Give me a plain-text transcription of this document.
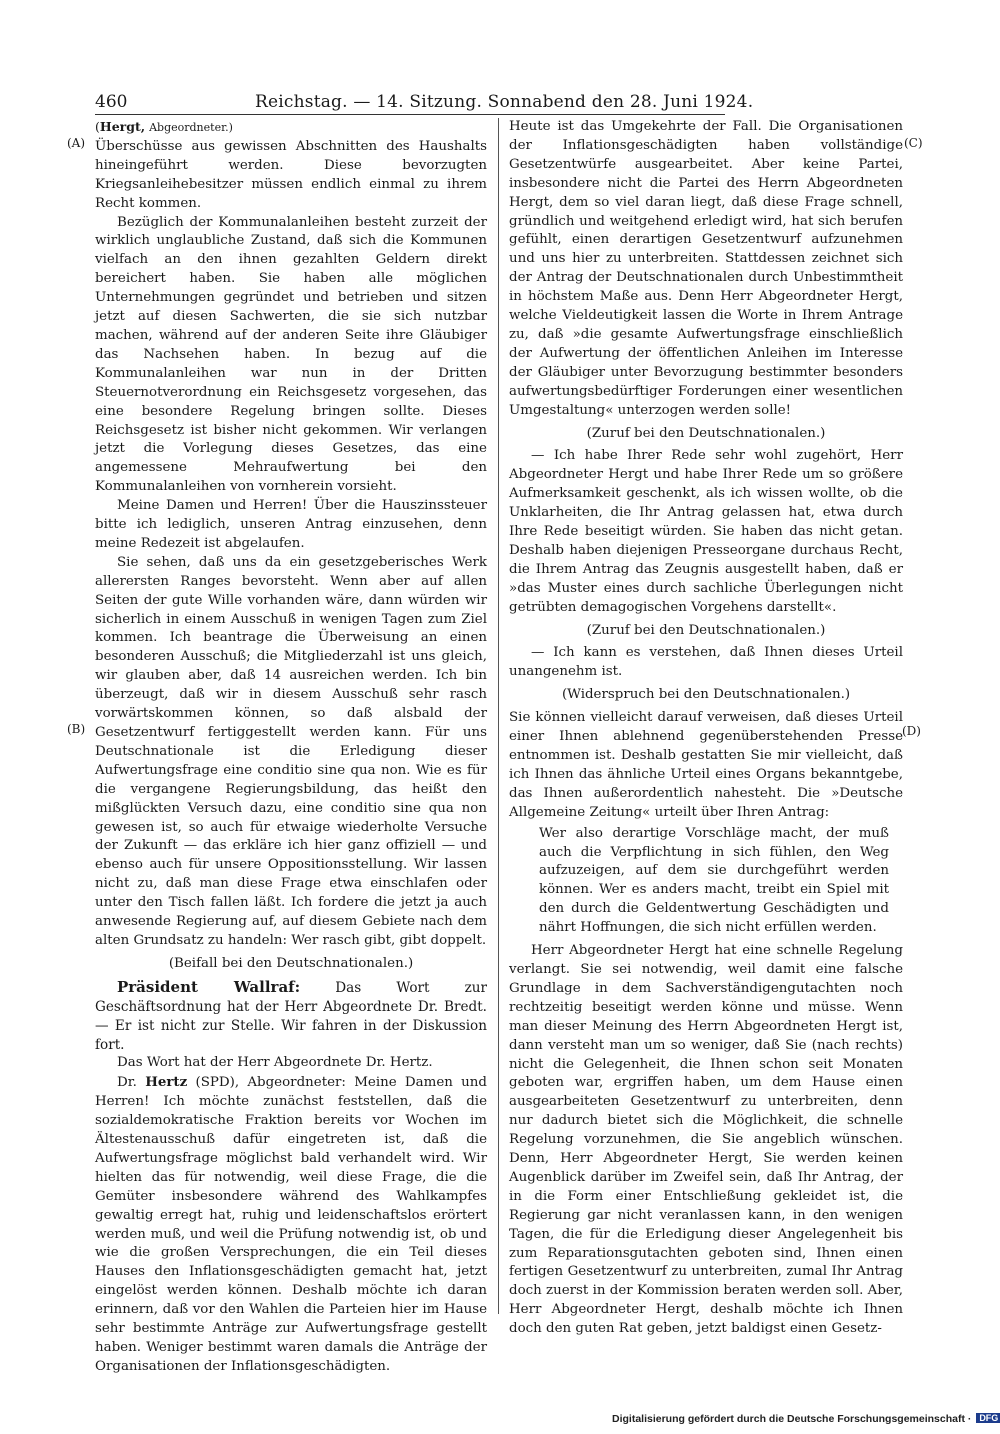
460	Reichstag. — 14. Sitzung. Sonnabend den 28. Juni 1924.
(A)
(B)
(C)
(D)

(Hergt, Abgeordneter.)

Überschüsse aus gewissen Abschnitten des Haushalts hineingeführt werden. Diese bevorzugten Kriegsanleihebesitzer müssen endlich einmal zu ihrem Recht kommen.

Bezüglich der Kommunalanleihen besteht zurzeit der wirklich unglaubliche Zustand, daß sich die Kommunen vielfach an den ihnen gezahlten Geldern direkt bereichert haben. Sie haben alle möglichen Unternehmungen gegründet und betrieben und sitzen jetzt auf diesen Sachwerten, die sie sich nutzbar machen, während auf der anderen Seite ihre Gläubiger das Nachsehen haben. In bezug auf die Kommunalanleihen war nun in der Dritten Steuernotverordnung ein Reichsgesetz vorgesehen, das eine besondere Regelung bringen sollte. Dieses Reichsgesetz ist bisher nicht gekommen. Wir verlangen jetzt die Vorlegung dieses Gesetzes, das eine angemessene Mehraufwertung bei den Kommunalanleihen von vornherein vorsieht.

Meine Damen und Herren! Über die Hauszinssteuer bitte ich lediglich, unseren Antrag einzusehen, denn meine Redezeit ist abgelaufen.

Sie sehen, daß uns da ein gesetzgeberisches Werk allerersten Ranges bevorsteht. Wenn aber auf allen Seiten der gute Wille vorhanden wäre, dann würden wir sicherlich in einem Ausschuß in wenigen Tagen zum Ziel kommen. Ich beantrage die Überweisung an einen besonderen Ausschuß; die Mitgliederzahl ist uns gleich, wir glauben aber, daß 14 ausreichen werden. Ich bin überzeugt, daß wir in diesem Ausschuß sehr rasch vorwärtskommen können, so daß alsbald der Gesetzentwurf fertiggestellt werden kann. Für uns Deutschnationale ist die Erledigung dieser Aufwertungsfrage eine conditio sine qua non. Wie es für die vergangene Regierungsbildung, das heißt den mißglückten Versuch dazu, eine conditio sine qua non gewesen ist, so auch für etwaige wiederholte Versuche der Zukunft — das erkläre ich hier ganz offiziell — und ebenso auch für unsere Oppositionsstellung. Wir lassen nicht zu, daß man diese Frage etwa einschlafen oder unter den Tisch fallen läßt. Ich fordere die jetzt ja auch anwesende Regierung auf, auf diesem Gebiete nach dem alten Grundsatz zu handeln: Wer rasch gibt, gibt doppelt.

(Beifall bei den Deutschnationalen.)

Präsident Wallraf:	Das Wort zur Geschäftsordnung hat der Herr Abgeordnete Dr. Bredt. — Er ist nicht zur Stelle. Wir fahren in der Diskussion fort.

Das Wort hat der Herr Abgeordnete Dr. Hertz.

Dr. Hertz (SPD), Abgeordneter: Meine Damen und Herren! Ich möchte zunächst feststellen, daß die sozialdemokratische Fraktion bereits vor Wochen im Ältestenausschuß dafür eingetreten ist, daß die Aufwertungsfrage möglichst bald verhandelt wird. Wir hielten das für notwendig, weil diese Frage, die die Gemüter insbesondere während des Wahlkampfes gewaltig erregt hat, ruhig und leidenschaftslos erörtert werden muß, und weil die Prüfung notwendig ist, ob und wie die großen Versprechungen, die ein Teil dieses Hauses den Inflationsgeschädigten gemacht hat, jetzt eingelöst werden können. Deshalb möchte ich daran erinnern, daß vor den Wahlen die Parteien hier im Hause sehr bestimmte Anträge zur Aufwertungsfrage gestellt haben. Weniger bestimmt waren damals die Anträge der Organisationen der Inflationsgeschädigten.

Heute ist das Umgekehrte der Fall. Die Organisationen der Inflationsgeschädigten haben vollständige Gesetzentwürfe ausgearbeitet. Aber keine Partei, insbesondere nicht die Partei des Herrn Abgeordneten Hergt, dem so viel daran liegt, daß diese Frage schnell, gründlich und weitgehend erledigt wird, hat sich berufen gefühlt, einen derartigen Gesetzentwurf aufzunehmen und uns hier zu unterbreiten. Stattdessen zeichnet sich der Antrag der Deutschnationalen durch Unbestimmtheit in höchstem Maße aus. Denn Herr Abgeordneter Hergt, welche Vieldeutigkeit lassen die Worte in Ihrem Antrage zu, daß »die gesamte Aufwertungsfrage einschließlich der Aufwertung der öffentlichen Anleihen im Interesse der Gläubiger unter Bevorzugung bestimmter besonders aufwertungsbedürftiger Forderungen einer wesentlichen Umgestaltung« unterzogen werden solle!

(Zuruf bei den Deutschnationalen.)

— Ich habe Ihrer Rede sehr wohl zugehört, Herr Abgeordneter Hergt und habe Ihrer Rede um so größere Aufmerksamkeit geschenkt, als ich wissen wollte, ob die Unklarheiten, die Ihr Antrag gelassen hat, etwa durch Ihre Rede beseitigt würden. Sie haben das nicht getan. Deshalb haben diejenigen Presseorgane durchaus Recht, die Ihrem Antrag das Zeugnis ausgestellt haben, daß er »das Muster eines durch sachliche Überlegungen nicht getrübten demagogischen Vorgehens darstellt«.

(Zuruf bei den Deutschnationalen.)

— Ich kann es verstehen, daß Ihnen dieses Urteil unangenehm ist.

(Widerspruch bei den Deutschnationalen.)

Sie können vielleicht darauf verweisen, daß dieses Urteil einer Ihnen ablehnend gegenüberstehenden Presse entnommen ist. Deshalb gestatten Sie mir vielleicht, daß ich Ihnen das ähnliche Urteil eines Organs bekanntgebe, das Ihnen außerordentlich nahesteht. Die »Deutsche Allgemeine Zeitung« urteilt über Ihren Antrag:

Wer also derartige Vorschläge macht, der muß auch die Verpflichtung in sich fühlen, den Weg aufzuzeigen, auf dem sie durchgeführt werden können. Wer es anders macht, treibt ein Spiel mit den durch die Geldentwertung Geschädigten und nährt Hoffnungen, die sich nicht erfüllen werden.

Herr Abgeordneter Hergt hat eine schnelle Regelung verlangt. Sie sei notwendig, weil damit eine falsche Grundlage in dem Sachverständigengutachten noch rechtzeitig beseitigt werden könne und müsse. Wenn man dieser Meinung des Herrn Abgeordneten Hergt ist, dann versteht man um so weniger, daß Sie (nach rechts) nicht die Gelegenheit, die Ihnen schon seit Monaten geboten war, ergriffen haben, um dem Hause einen ausgearbeiteten Gesetzentwurf zu unterbreiten, denn nur dadurch bietet sich die Möglichkeit, die schnelle Regelung vorzunehmen, die Sie angeblich wünschen. Denn, Herr Abgeordneter Hergt, Sie werden keinen Augenblick darüber im Zweifel sein, daß Ihr Antrag, der in die Form einer Entschließung gekleidet ist, die Regierung gar nicht veranlassen kann, in den wenigen Tagen, die für die Erledigung dieser Angelegenheit bis zum Reparationsgutachten geboten sind, Ihnen einen fertigen Gesetzentwurf zu unterbreiten, zumal Ihr Antrag doch zuerst in der Kommission beraten werden soll. Aber, Herr Abgeordneter Hergt, deshalb möchte ich Ihnen doch den guten Rat geben, jetzt baldigst einen Gesetz-

Digitalisierung gefördert durch die Deutsche Forschungsgemeinschaft · DFG
